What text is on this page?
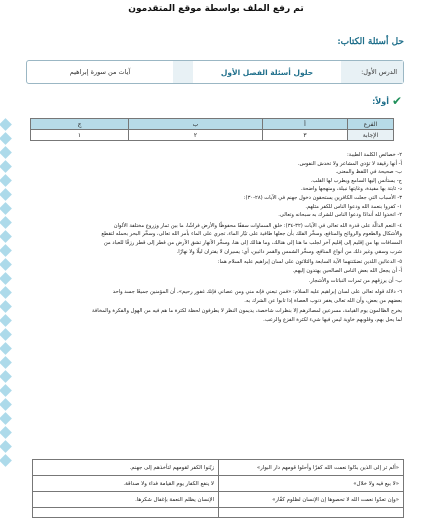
تم رفع الملف بواسطة موقع المتقدمون
حل أسئلة الكتاب:
الدرس الأول:
حلول أسئلة الفصل الأول
آيات من سورة إبراهيم
✔
أولاً:
الفرع	أ	ب	ج
الإجابة	٣	٢	١

٢- خصائص الكلمة الطيبة:

أ- أنها رقيقة لا تؤذي المشاعر ولا تخدش النفوس.

ب- صحيحة في اللفظ والمعنى.

ج- يستأنس إليها السامع ويطرب لها القلب.

د- ثابتة بها مفيدة، وغايتها نبيلة، ومنهجها واضحة.

٣- الأسباب التي جعلت الكافرين يستحقون دخول جهنم في الآيات (٢٨-٣٠):

١- كفروا بنعمة الله ودعوا الناس للكفر مثلهم.

٢- اتخذوا لله أندادًا ودعوا الناس للشرك به سبحانه وتعالى.

٤- النعم الدالَّة على قدرة الله تعالى في الآيات (٣٢-٣٤): خلق السماوات سقفًا محفوظًا والأرض فراشًا، ما بين ثمار وزروع مختلفة الألوان

والأشكال والطعوم والروائح والمنافع، وسخَّر الفلك بأن جعلها طافية على تيّار الماء، تجري على الماء بأمر الله تعالى، وسخَّر البحر بحمله لتقطع

المسافات بها من إقليم إلى إقليم آخر لجلب ما هنا إلى هنالك، وما هنالك إلى هنا، وسخَّر الأنهار تشق الأرض من قطر إلى قطر رزقًا للعباد من

شرب وسقي وغير ذلك من أنواع المنافع، وسخَّر الشمس والقمر دائبين، أي: يسيران لا يفتران ليلًا ولا نهارًا.

٥- الدعائين اللذين تضمّنتهما الآية السابعة والثلاثون على لسان إبراهيم عليه السلام هما:

أ- أن يجعل الله بعض الناس الصالحين يهتدون إليهم.

ب- أن يرزقهم من ثمرات النباتات والأشجار.

٦- دلالة قوله تعالى على لسان إبراهيم عليه السلام: «فمن تبعني فإنه مني ومن عصاني فإنك غفور رحيم»، أن المؤمنين جميعًا جسد واحد

بعضهم من بعض، وأن الله تعالى يغفر ذنوب العصاة إذا تابوا عن الشرك به.

يخرج الظالمون يوم القيامة، مسرعين لمصائرهم إلا بنظرات شاخصة، يديمون النظر لا يطرفون لحظة لكثرة ما هم فيه من الهول والفكرة والمخافة

لما يحل بهم، وقلوبهم خاوية ليس فيها شيء لكثرة الفزع والرعب.

«ألم تر إلى الذين بدّلوا نعمت الله كفرًا وأحلوا قومهم دار البوار»	زيّنوا الكفر لقومهم لتأخذهم إلى جهنم.
«لا بيع فيه ولا خلال»	لا ينفع الكفار يوم القيامة فداء ولا صداقة.
«وإن تعدّوا نعمت الله لا تحصوها إن الإنسان لظلوم كفّار»	الإنسان يظلم النعمة بإغفال شكرها.
